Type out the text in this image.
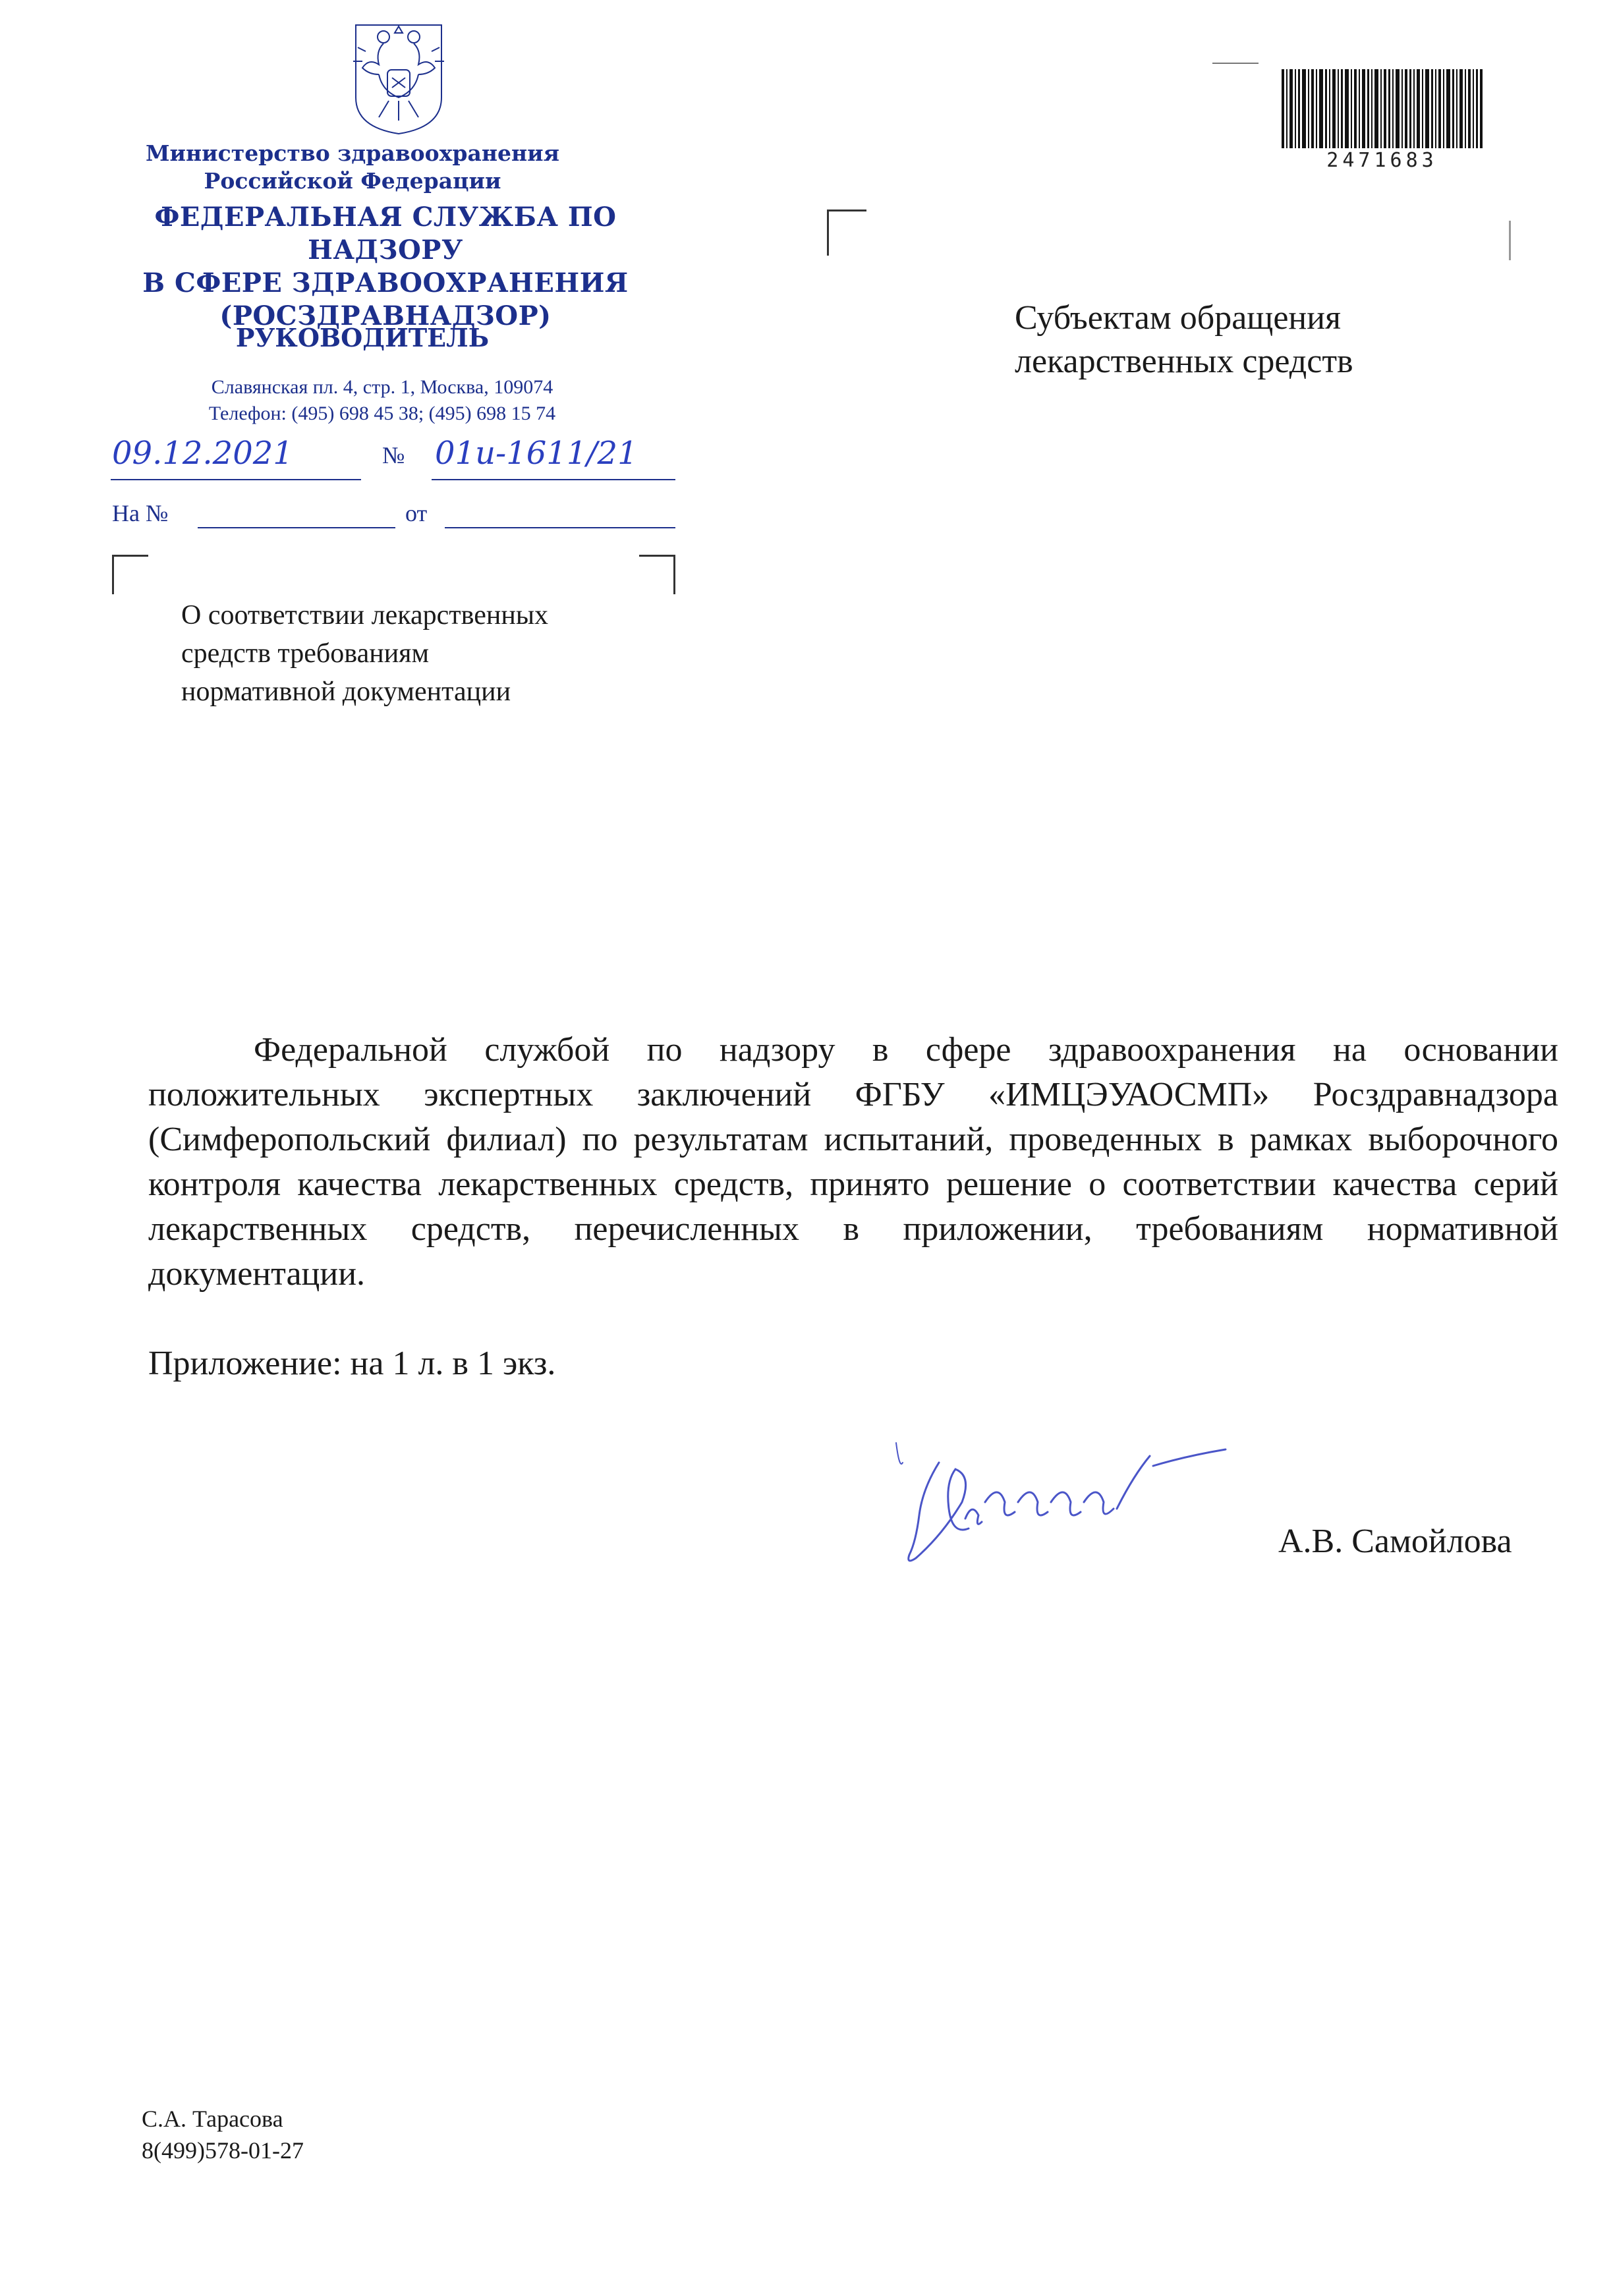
Министерство здравоохранения
Российской Федерации
ФЕДЕРАЛЬНАЯ СЛУЖБА ПО НАДЗОРУ
В СФЕРЕ ЗДРАВООХРАНЕНИЯ
(РОСЗДРАВНАДЗОР)
РУКОВОДИТЕЛЬ
Славянская пл. 4, стр. 1, Москва, 109074
Телефон: (495) 698 45 38; (495) 698 15 74
09.12.2021	№ 01и-1611/21
На №	от
О соответствии лекарственных
средств требованиям
нормативной документации
2471683
Субъектам обращения
лекарственных средств
Федеральной службой по надзору в сфере здравоохранения на основании положительных экспертных заключений ФГБУ «ИМЦЭУАОСМП» Росздравнадзора (Симферопольский филиал) по результатам испытаний, проведенных в рамках выборочного контроля качества лекарственных средств, принято решение о соответствии качества серий лекарственных средств, перечисленных в приложении, требованиям нормативной документации.
Приложение: на 1 л. в 1 экз.
А.В. Самойлова
С.А. Тарасова
8(499)578-01-27
